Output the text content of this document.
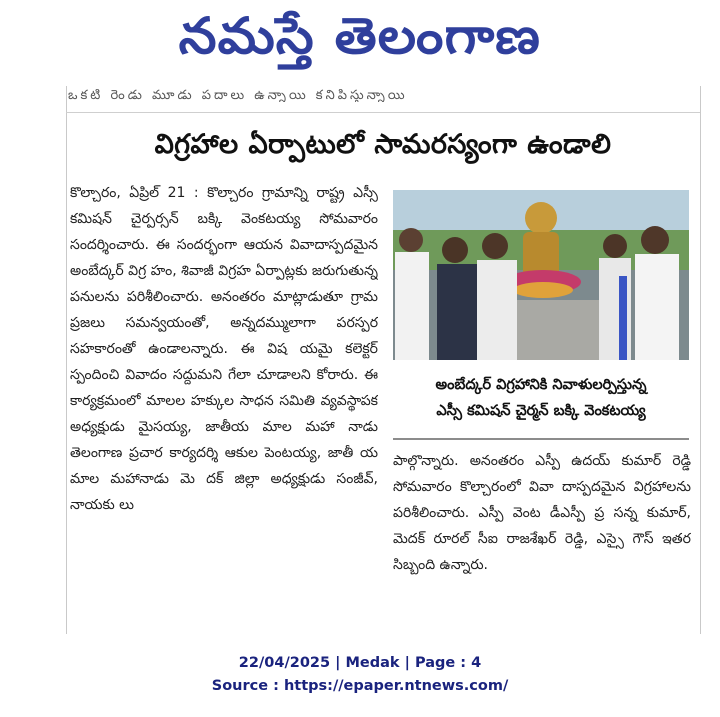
నమస్తే తెలంగాణ
ఒకటి రెండు మూడు పదాలు ఉన్నాయి కనిపిస్తున్నాయి
విగ్రహాల ఏర్పాటులో సామరస్యంగా ఉండాలి
కొల్చారం, ఏప్రిల్ 21 : కొల్చారం గ్రామాన్ని రాష్ట్ర ఎస్సీ కమిషన్ చైర్పర్సన్ బక్కి వెంకటయ్య సోమవారం సందర్శించారు. ఈ సందర్భంగా ఆయన వివాదాస్పదమైన అంబేద్కర్ విగ్ర హం, శివాజీ విగ్రహ ఏర్పాట్లకు జరుగుతున్న పనులను పరిశీలించారు. అనంతరం మాట్లాడుతూ గ్రామ ప్రజలు సమన్వయంతో, అన్నదమ్ములాగా పరస్పర సహకారంతో ఉండాలన్నారు. ఈ విష యమై కలెక్టర్ స్పందించి వివాదం సద్దుమని గేలా చూడాలని కోరారు. ఈ కార్యక్రమంలో మాలల హక్కుల సాధన సమితి వ్యవస్థాపక అధ్యక్షుడు మైసయ్య, జాతీయ మాల మహా నాడు తెలంగాణ ప్రచార కార్యదర్శి ఆకుల పెంటయ్య, జాతీ య మాల మహానాడు మె దక్ జిల్లా అధ్యక్షుడు సంజీవ్, నాయకు లు
అంబేద్కర్ విగ్రహానికి నివాళులర్పిస్తున్న
ఎస్సీ కమిషన్ చైర్మన్ బక్కి వెంకటయ్య
పాల్గొన్నారు. అనంతరం ఎస్పీ ఉదయ్ కుమార్ రెడ్డి సోమవారం కొల్చారంలో వివా దాస్పదమైన విగ్రహాలను పరిశీలించారు. ఎస్పీ వెంట డీఎస్పీ ప్ర సన్న కుమార్, మెదక్ రూరల్ సీఐ రాజశేఖర్ రెడ్డి, ఎస్సై గౌస్ ఇతర సిబ్బంది ఉన్నారు.
22/04/2025 | Medak | Page : 4
Source : https://epaper.ntnews.com/
